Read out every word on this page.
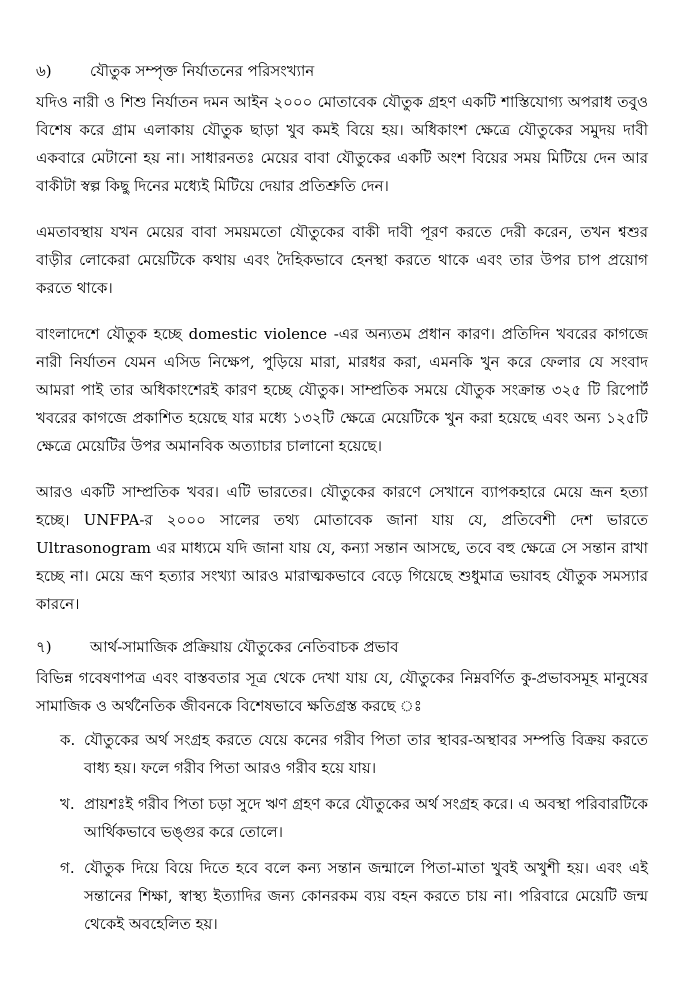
৬)	যৌতুক সম্পৃক্ত নির্যাতনের পরিসংখ্যান

যদিও নারী ও শিশু নির্যাতন দমন আইন ২০০০ মোতাবেক যৌতুক গ্রহণ একটি শাস্তিযোগ্য অপরাধ তবুও বিশেষ করে গ্রাম এলাকায় যৌতুক ছাড়া খুব কমই বিয়ে হয়। অধিকাংশ ক্ষেত্রে যৌতুকের সমুদয় দাবী একবারে মেটানো হয় না। সাধারনতঃ মেয়ের বাবা যৌতুকের একটি অংশ বিয়ের সময় মিটিয়ে দেন আর বাকীটা স্বল্প কিছু দিনের মধ্যেই মিটিয়ে দেয়ার প্রতিশ্রুতি দেন।

এমতাবস্থায় যখন মেয়ের বাবা সময়মতো যৌতুকের বাকী দাবী পূরণ করতে দেরী করেন, তখন শ্বশুর বাড়ীর লোকেরা মেয়েটিকে কথায় এবং দৈহিকভাবে হেনস্থা করতে থাকে এবং তার উপর চাপ প্রয়োগ করতে থাকে।

বাংলাদেশে যৌতুক হচ্ছে domestic violence -এর অন্যতম প্রধান কারণ। প্রতিদিন খবরের কাগজে নারী নির্যাতন যেমন এসিড নিক্ষেপ, পুড়িয়ে মারা, মারধর করা, এমনকি খুন করে ফেলার যে সংবাদ আমরা পাই তার অধিকাংশেরই কারণ হচ্ছে যৌতুক। সাম্প্রতিক সময়ে যৌতুক সংক্রান্ত ৩২৫ টি রিপোর্ট খবরের কাগজে প্রকাশিত হয়েছে যার মধ্যে ১৩২টি ক্ষেত্রে মেয়েটিকে খুন করা হয়েছে এবং অন্য ১২৫টি ক্ষেত্রে মেয়েটির উপর অমানবিক অত্যাচার চালানো হয়েছে।

আরও একটি সাম্প্রতিক খবর। এটি ভারতের। যৌতুকের কারণে সেখানে ব্যাপকহারে মেয়ে ভ্রূন হত্যা হচ্ছে। UNFPA-র ২০০০ সালের তথ্য মোতাবেক জানা যায় যে, প্রতিবেশী দেশ ভারতে Ultrasonogram এর মাধ্যমে যদি জানা যায় যে, কন্যা সন্তান আসছে, তবে বহু ক্ষেত্রে সে সন্তান রাখা হচ্ছে না। মেয়ে ভ্রূণ হত্যার সংখ্যা আরও মারাত্মকভাবে বেড়ে গিয়েছে শুধুমাত্র ভয়াবহ যৌতুক সমস্যার কারনে।

৭)	আর্থ-সামাজিক প্রক্রিয়ায় যৌতুকের নেতিবাচক প্রভাব

বিভিন্ন গবেষণাপত্র এবং বাস্তবতার সূত্র থেকে দেখা যায় যে, যৌতুকের নিম্নবর্ণিত কু-প্রভাবসমূহ মানুষের সামাজিক ও অর্থনৈতিক জীবনকে বিশেষভাবে ক্ষতিগ্রস্ত করছে ঃ

ক. যৌতুকের অর্থ সংগ্রহ করতে যেয়ে কনের গরীব পিতা তার স্থাবর-অস্থাবর সম্পত্তি বিক্রয় করতে বাধ্য হয়। ফলে গরীব পিতা আরও গরীব হয়ে যায়।
খ. প্রায়শঃই গরীব পিতা চড়া সুদে ঋণ গ্রহণ করে যৌতুকের অর্থ সংগ্রহ করে। এ অবস্থা পরিবারটিকে আর্থিকভাবে ভঙ্গুর করে তোলে।
গ. যৌতুক দিয়ে বিয়ে দিতে হবে বলে কন্য সন্তান জন্মালে পিতা-মাতা খুবই অখুশী হয়। এবং এই সন্তানের শিক্ষা, স্বাস্থ্য ইত্যাদির জন্য কোনরকম ব্যয় বহন করতে চায় না। পরিবারে মেয়েটি জন্ম থেকেই অবহেলিত হয়।
